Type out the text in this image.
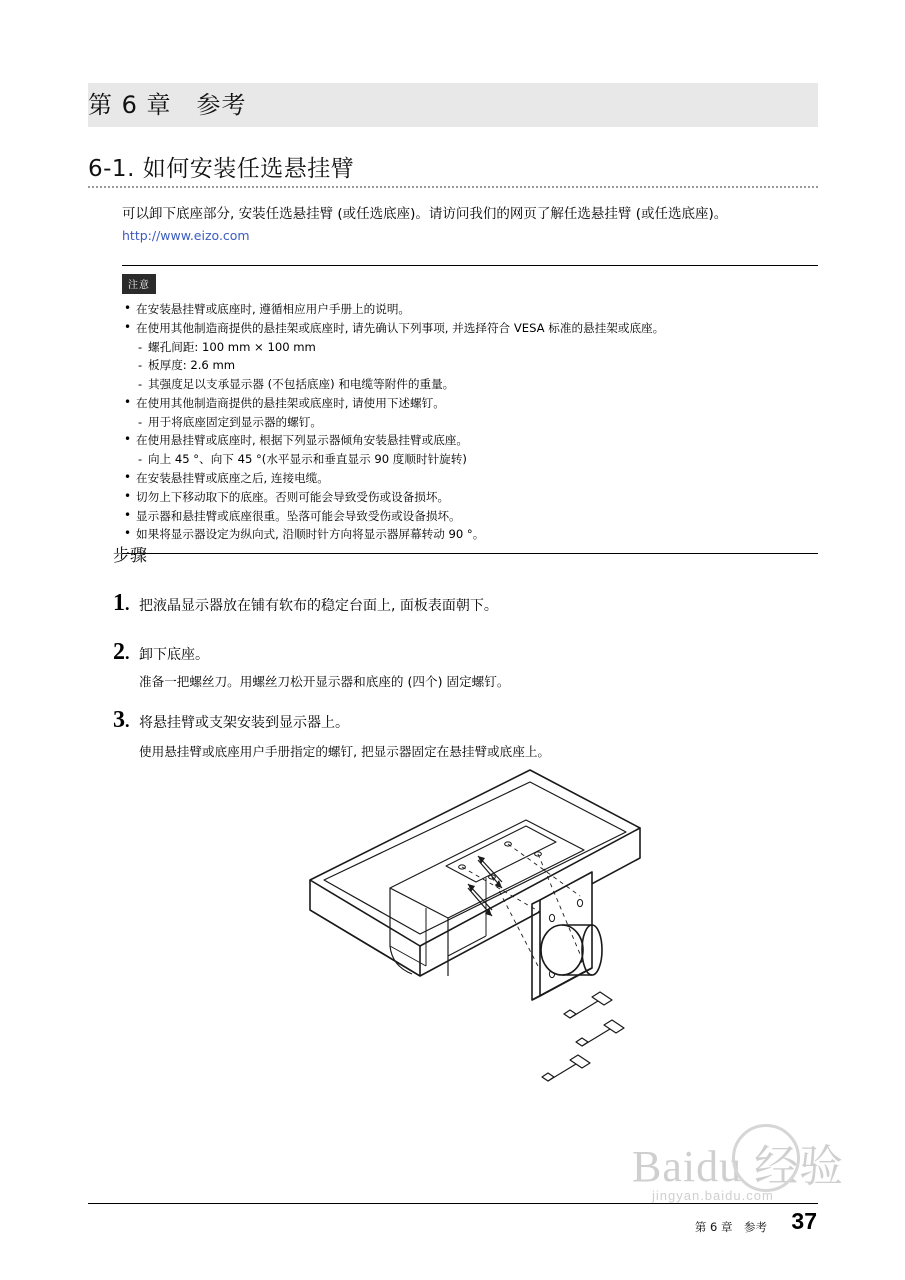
第 6 章　参考
6-1. 如何安装任选悬挂臂
可以卸下底座部分, 安装任选悬挂臂 (或任选底座)。请访问我们的网页了解任选悬挂臂 (或任选底座)。
http://www.eizo.com
注意
• 在安装悬挂臂或底座时, 遵循相应用户手册上的说明。
• 在使用其他制造商提供的悬挂架或底座时, 请先确认下列事项, 并选择符合 VESA 标准的悬挂架或底座。
- 螺孔间距: 100 mm × 100 mm
- 板厚度: 2.6 mm
- 其强度足以支承显示器 (不包括底座) 和电缆等附件的重量。
• 在使用其他制造商提供的悬挂架或底座时, 请使用下述螺钉。
- 用于将底座固定到显示器的螺钉。
• 在使用悬挂臂或底座时, 根据下列显示器倾角安装悬挂臂或底座。
- 向上 45 °、向下 45 °(水平显示和垂直显示 90 度顺时针旋转)
• 在安装悬挂臂或底座之后, 连接电缆。
• 切勿上下移动取下的底座。否则可能会导致受伤或设备损坏。
• 显示器和悬挂臂或底座很重。坠落可能会导致受伤或设备损坏。
• 如果将显示器设定为纵向式, 沿顺时针方向将显示器屏幕转动 90 °。
步骤
1. 把液晶显示器放在铺有软布的稳定台面上, 面板表面朝下。
2. 卸下底座。
准备一把螺丝刀。用螺丝刀松开显示器和底座的 (四个) 固定螺钉。
3. 将悬挂臂或支架安装到显示器上。
使用悬挂臂或底座用户手册指定的螺钉, 把显示器固定在悬挂臂或底座上。
Baidu 经验
jingyan.baidu.com
第 6 章　参考 37
